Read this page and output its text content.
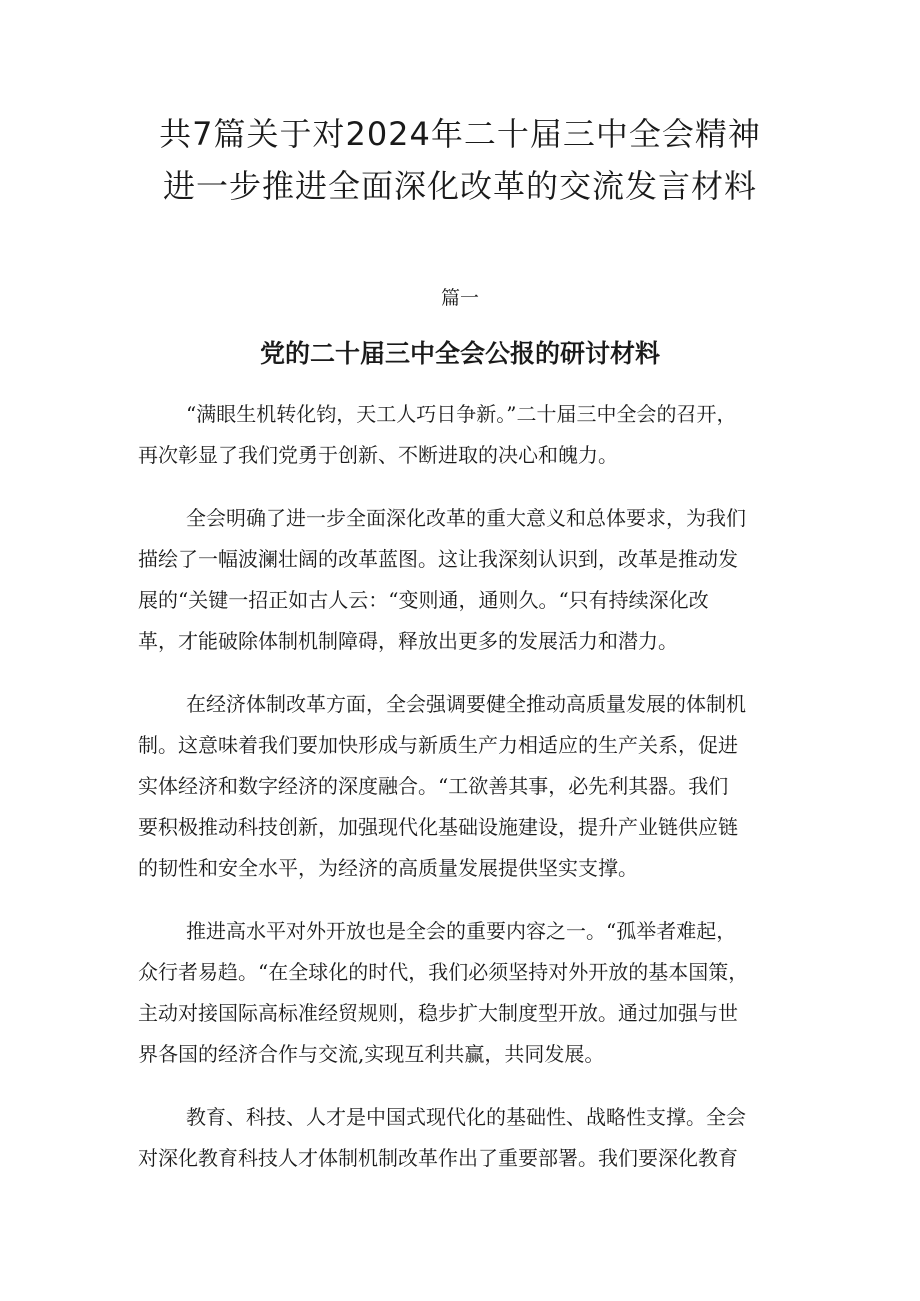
共7篇关于对2024年二十届三中全会精神
进一步推进全面深化改革的交流发言材料
篇一
党的二十届三中全会公报的研讨材料

“满眼生机转化钧，天工人巧日争新。”二十届三中全会的召开，
再次彰显了我们党勇于创新、不断进取的决心和魄力。

全会明确了进一步全面深化改革的重大意义和总体要求，为我们
描绘了一幅波澜壮阔的改革蓝图。这让我深刻认识到，改革是推动发
展的“关键一招正如古人云：“变则通，通则久。“只有持续深化改
革，才能破除体制机制障碍，释放出更多的发展活力和潜力。

在经济体制改革方面，全会强调要健全推动高质量发展的体制机
制。这意味着我们要加快形成与新质生产力相适应的生产关系，促进
实体经济和数字经济的深度融合。“工欲善其事，必先利其器。我们
要积极推动科技创新，加强现代化基础设施建设，提升产业链供应链
的韧性和安全水平，为经济的高质量发展提供坚实支撑。

推进高水平对外开放也是全会的重要内容之一。“孤举者难起，
众行者易趋。“在全球化的时代，我们必须坚持对外开放的基本国策，
主动对接国际高标准经贸规则，稳步扩大制度型开放。通过加强与世
界各国的经济合作与交流,实现互利共赢，共同发展。

教育、科技、人才是中国式现代化的基础性、战略性支撑。全会
对深化教育科技人才体制机制改革作出了重要部署。我们要深化教育
